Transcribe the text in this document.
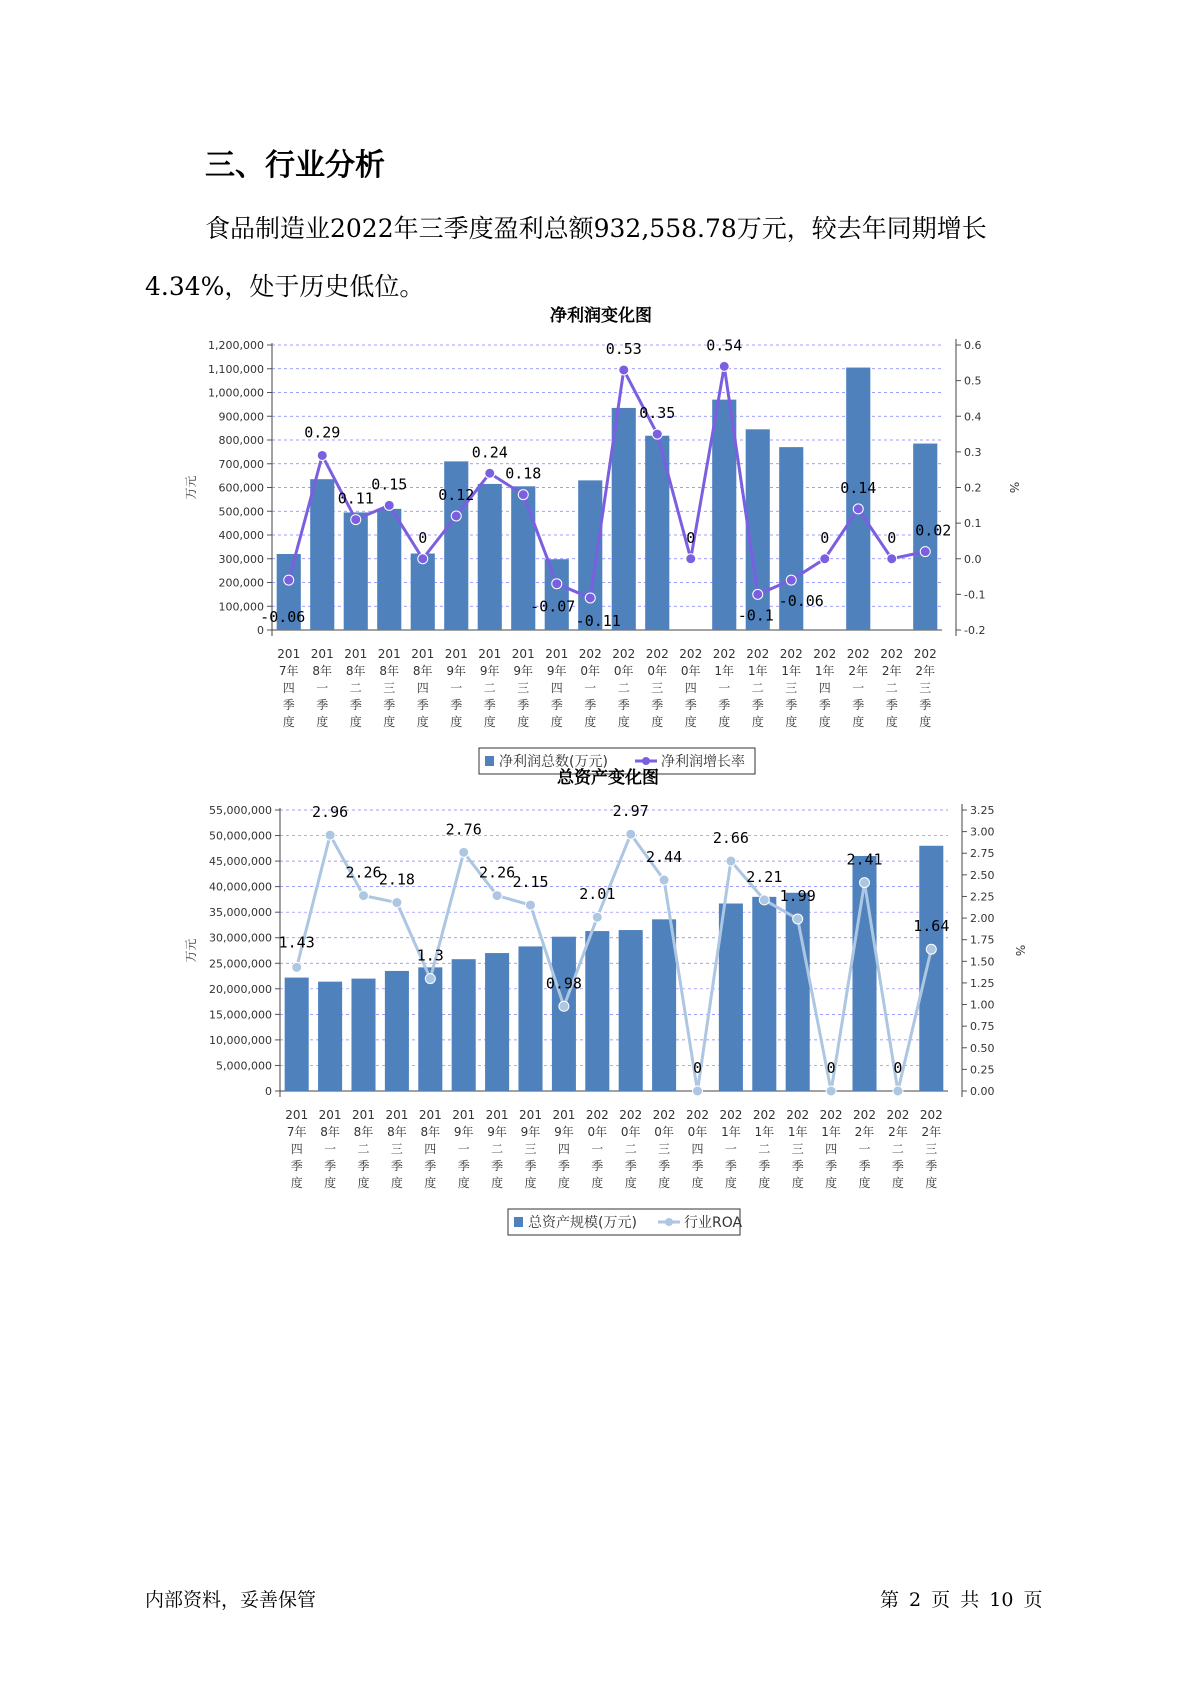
三、行业分析

食品制造业2022年三季度盈利总额932,558.78万元，较去年同期增长4.34%，处于历史低位。

净利润变化图
0
100,000
200,000
300,000
400,000
500,000
600,000
700,000
800,000
900,000
1,000,000
1,100,000
1,200,000
-0.2
-0.1
0.0
0.1
0.2
0.3
0.4
0.5
0.6
万元	%
-0.06
0.29
0.11
0.15
0
0.12
0.24
0.18
-0.07
-0.11
0.53
0.35
0
0.54
-0.1
-0.06
0
0.14
0 0.02
201 7年四季度
201 8年一季度
201 8年二季度
201 8年三季度
201 8年四季度
201 9年一季度
201 9年二季度
201 9年三季度
201 9年四季度
202 0年一季度
202 0年二季度
202 0年三季度
202 0年四季度
202 1年一季度
202 1年二季度
202 1年三季度
202 1年四季度
202 2年一季度
202 2年二季度
202 2年三季度
净利润总数(万元)	净利润增长率
总资产变化图
0
5,000,000
10,000,000
15,000,000
20,000,000
25,000,000
30,000,000
35,000,000
40,000,000
45,000,000
50,000,000
55,000,000
0.00
0.25
0.50
0.75
1.00
1.25
1.50
1.75
2.00
2.25
2.50
2.75
3.00
3.25
万元	%
1.43
2.96
2.26
2.18
1.3
2.76
2.26
2.15
0.98
2.01
2.97
2.44
0
2.66
2.21
1.99
0
2.41
0
1.64
201 7年四季度
201 8年一季度
201 8年二季度
201 8年三季度
201 8年四季度
201 9年一季度
201 9年二季度
201 9年三季度
201 9年四季度
202 0年一季度
202 0年二季度
202 0年三季度
202 0年四季度
202 1年一季度
202 1年二季度
202 1年三季度
202 1年四季度
202 2年一季度
202 2年二季度
202 2年三季度
总资产规模(万元)	行业ROA

内部资料，妥善保管	第 2 页 共 10 页
